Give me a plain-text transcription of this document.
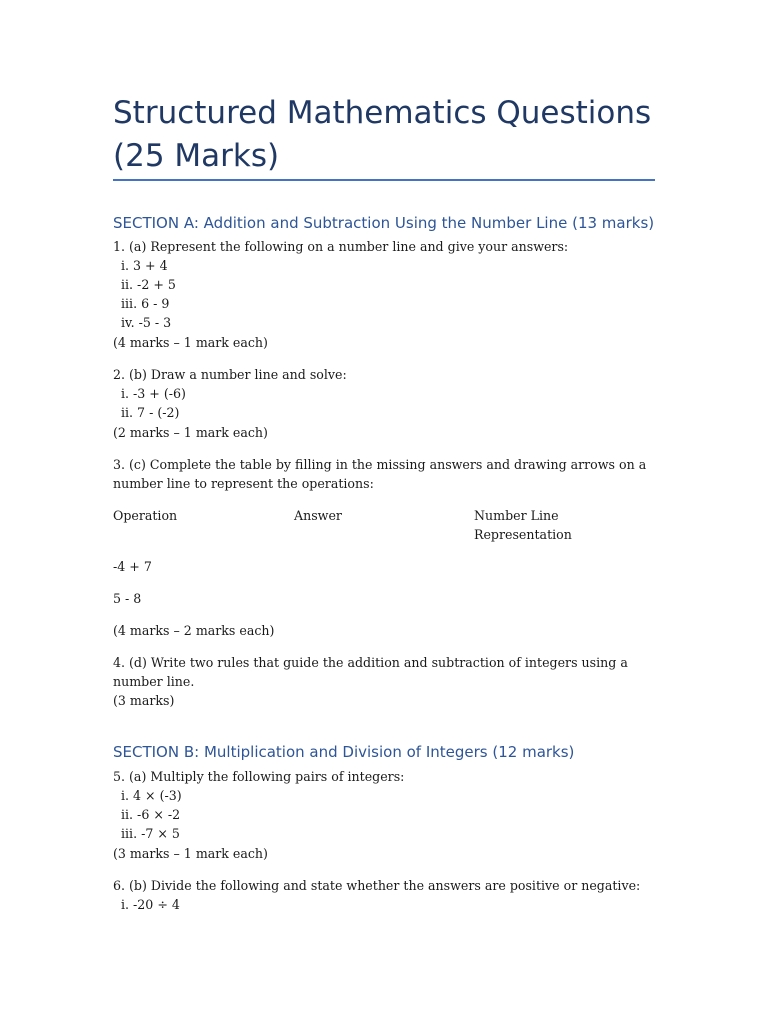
Structured Mathematics Questions (25 Marks)
SECTION A: Addition and Subtraction Using the Number Line (13 marks)

1. (a) Represent the following on a number line and give your answers:

i. 3 + 4

ii. -2 + 5

iii. 6 - 9

iv. -5 - 3

(4 marks – 1 mark each)

2. (b) Draw a number line and solve:

i. -3 + (-6)

ii. 7 - (-2)

(2 marks – 1 mark each)

3. (c) Complete the table by filling in the missing answers and drawing arrows on a number line to represent the operations:

Operation	Answer	Number Line

Representation

-4 + 7

5 - 8

(4 marks – 2 marks each)

4. (d) Write two rules that guide the addition and subtraction of integers using a number line.

(3 marks)

SECTION B: Multiplication and Division of Integers (12 marks)

5. (a) Multiply the following pairs of integers:

i. 4 × (-3)

ii. -6 × -2

iii. -7 × 5

(3 marks – 1 mark each)

6. (b) Divide the following and state whether the answers are positive or negative:

i. -20 ÷ 4
